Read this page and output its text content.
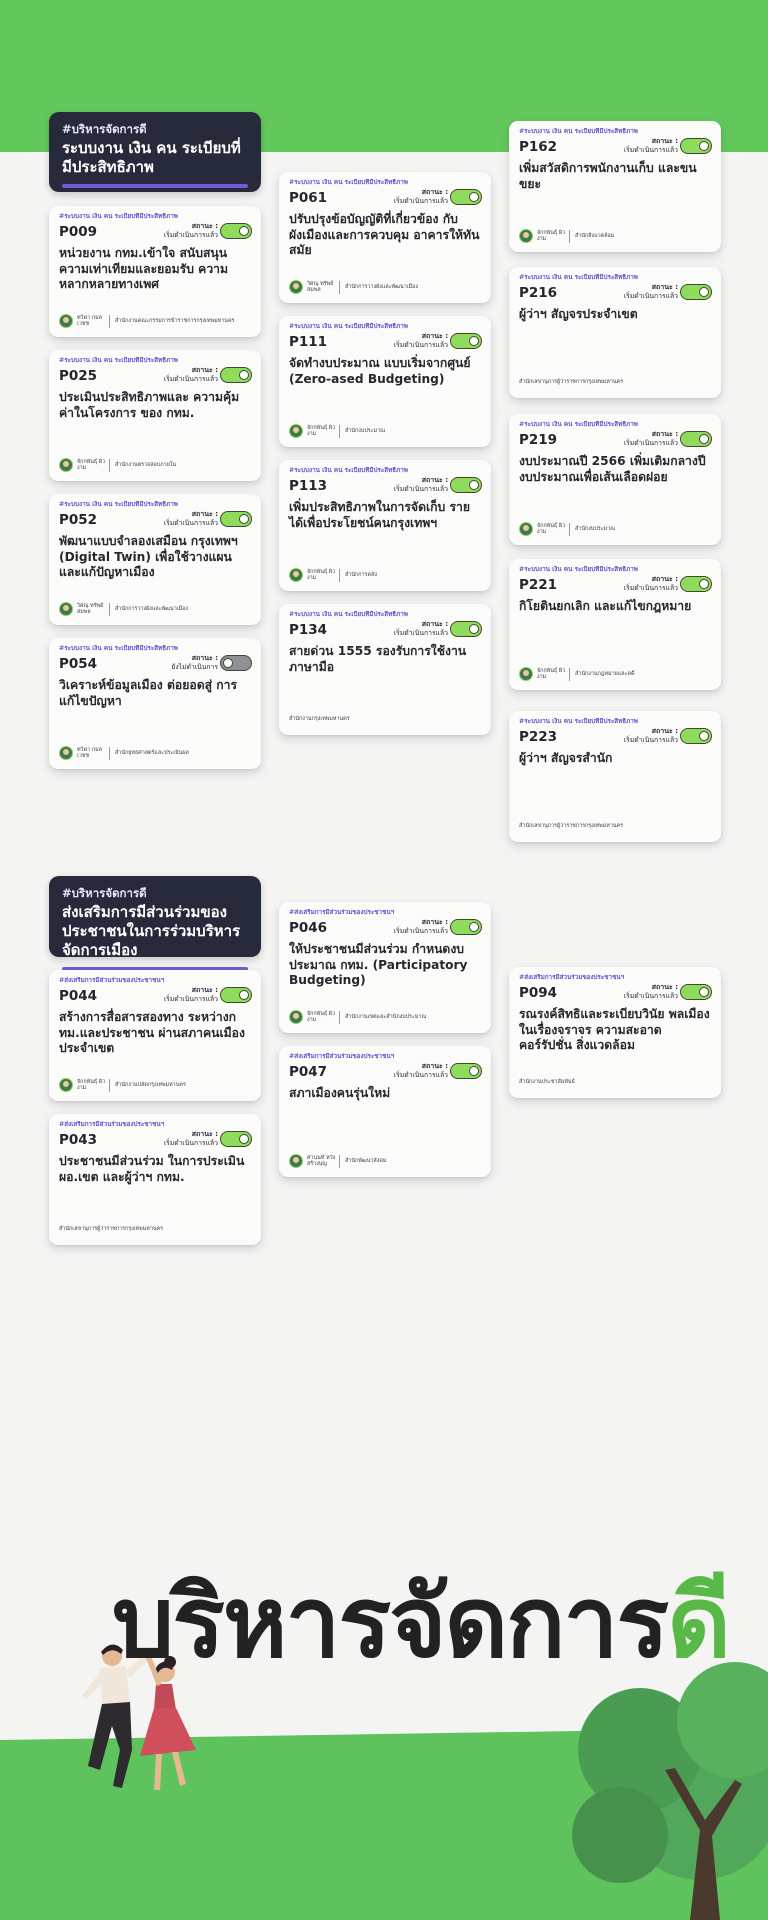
#บริหารจัดการดี
ระบบงาน เงิน คน ระเบียบที่มีประสิทธิภาพ
#ระบบงาน เงิน คน ระเบียบที่มีประสิทธิภาพ
P009	สถานะ :
เริ่มดำเนินการแล้ว
หน่วยงาน กทม.เข้าใจ สนับสนุน ความเท่าเทียมและยอมรับ ความหลากหลายทางเพศ
ทวิดา กมลเวชช	สำนักงานคณะกรรมการข้าราชการกรุงเทพมหานคร
#ระบบงาน เงิน คน ระเบียบที่มีประสิทธิภาพ
P025	สถานะ :
เริ่มดำเนินการแล้ว
ประเมินประสิทธิภาพและ ความคุ้มค่าในโครงการ ของ กทม.
จักกพันธุ์ ผิวงาม	สำนักงานตรวจสอบภายใน
#ระบบงาน เงิน คน ระเบียบที่มีประสิทธิภาพ
P052	สถานะ :
เริ่มดำเนินการแล้ว
พัฒนาแบบจำลองเสมือน กรุงเทพฯ (Digital Twin) เพื่อใช้วางแผนและแก้ปัญหาเมือง
วิศณุ ทรัพย์สมพล	สำนักการวางผังและพัฒนาเมือง
#ระบบงาน เงิน คน ระเบียบที่มีประสิทธิภาพ
P054	สถานะ :
ยังไม่ดำเนินการ
วิเคราะห์ข้อมูลเมือง ต่อยอดสู่ การแก้ไขปัญหา
ทวิดา กมลเวชช	สำนักยุทธศาสตร์และประเมินผล
#ระบบงาน เงิน คน ระเบียบที่มีประสิทธิภาพ
P061	สถานะ :
เริ่มดำเนินการแล้ว
ปรับปรุงข้อบัญญัติที่เกี่ยวข้อง กับผังเมืองและการควบคุม อาคารให้ทันสมัย
วิศณุ ทรัพย์สมพล	สำนักการวางผังและพัฒนาเมือง
#ระบบงาน เงิน คน ระเบียบที่มีประสิทธิภาพ
P111	สถานะ :
เริ่มดำเนินการแล้ว
จัดทำงบประมาณ แบบเริ่มจากศูนย์ (Zero-ased Budgeting)
จักกพันธุ์ ผิวงาม	สำนักงบประมาณ
#ระบบงาน เงิน คน ระเบียบที่มีประสิทธิภาพ
P113	สถานะ :
เริ่มดำเนินการแล้ว
เพิ่มประสิทธิภาพในการจัดเก็บ รายได้เพื่อประโยชน์คนกรุงเทพฯ
จักกพันธุ์ ผิวงาม	สำนักการคลัง
#ระบบงาน เงิน คน ระเบียบที่มีประสิทธิภาพ
P134	สถานะ :
เริ่มดำเนินการแล้ว
สายด่วน 1555 รองรับการใช้งานภาษามือ
สำนักงานกรุงเทพมหานคร
#ระบบงาน เงิน คน ระเบียบที่มีประสิทธิภาพ
P162	สถานะ :
เริ่มดำเนินการแล้ว
เพิ่มสวัสดิการพนักงานเก็บ และขนขยะ
จักกพันธุ์ ผิวงาม	สำนักสิ่งแวดล้อม
#ระบบงาน เงิน คน ระเบียบที่มีประสิทธิภาพ
P216	สถานะ :
เริ่มดำเนินการแล้ว
ผู้ว่าฯ สัญจรประจำเขต
สำนักเลขานุการผู้ว่าราชการกรุงเทพมหานคร
#ระบบงาน เงิน คน ระเบียบที่มีประสิทธิภาพ
P219	สถานะ :
เริ่มดำเนินการแล้ว
งบประมาณปี 2566 เพิ่มเติมกลางปี งบประมาณเพื่อเส้นเลือดฝอย
จักกพันธุ์ ผิวงาม	สำนักงบประมาณ
#ระบบงาน เงิน คน ระเบียบที่มีประสิทธิภาพ
P221	สถานะ :
เริ่มดำเนินการแล้ว
กิโยตินยกเลิก และแก้ไขกฎหมาย
จักกพันธุ์ ผิวงาม	สำนักงานกฎหมายและคดี
#ระบบงาน เงิน คน ระเบียบที่มีประสิทธิภาพ
P223	สถานะ :
เริ่มดำเนินการแล้ว
ผู้ว่าฯ สัญจรสำนัก
สำนักเลขานุการผู้ว่าราชการกรุงเทพมหานคร
#บริหารจัดการดี
ส่งเสริมการมีส่วนร่วมของประชาชนในการร่วมบริหารจัดการเมือง
#ส่งเสริมการมีส่วนร่วมของประชาชนฯ
P044	สถานะ :
เริ่มดำเนินการแล้ว
สร้างการสื่อสารสองทาง ระหว่างกทม.และประชาชน ผ่านสภาคนเมืองประจำเขต
จักกพันธุ์ ผิวงาม	สำนักงานปลัดกรุงเทพมหานคร
#ส่งเสริมการมีส่วนร่วมของประชาชนฯ
P043	สถานะ :
เริ่มดำเนินการแล้ว
ประชาชนมีส่วนร่วม ในการประเมิน ผอ.เขต และผู้ว่าฯ กทม.
สำนักเลขานุการผู้ว่าราชการกรุงเทพมหานคร
#ส่งเสริมการมีส่วนร่วมของประชาชนฯ
P046	สถานะ :
เริ่มดำเนินการแล้ว
ให้ประชาชนมีส่วนร่วม กำหนดงบประมาณ กทม. (Participatory Budgeting)
จักกพันธุ์ ผิวงาม	สำนักงานเขตและสำนักงบประมาณ
#ส่งเสริมการมีส่วนร่วมของประชาชนฯ
P047	สถานะ :
เริ่มดำเนินการแล้ว
สภาเมืองคนรุ่นใหม่
ศานนท์ หวังสร้างบุญ	สำนักพัฒนาสังคม
#ส่งเสริมการมีส่วนร่วมของประชาชนฯ
P094	สถานะ :
เริ่มดำเนินการแล้ว
รณรงค์สิทธิและระเบียบวินัย พลเมืองในเรื่องจราจร ความสะอาด คอร์รัปชั่น สิ่งแวดล้อม
สำนักงานประชาสัมพันธ์
บริหารจัดการดี
